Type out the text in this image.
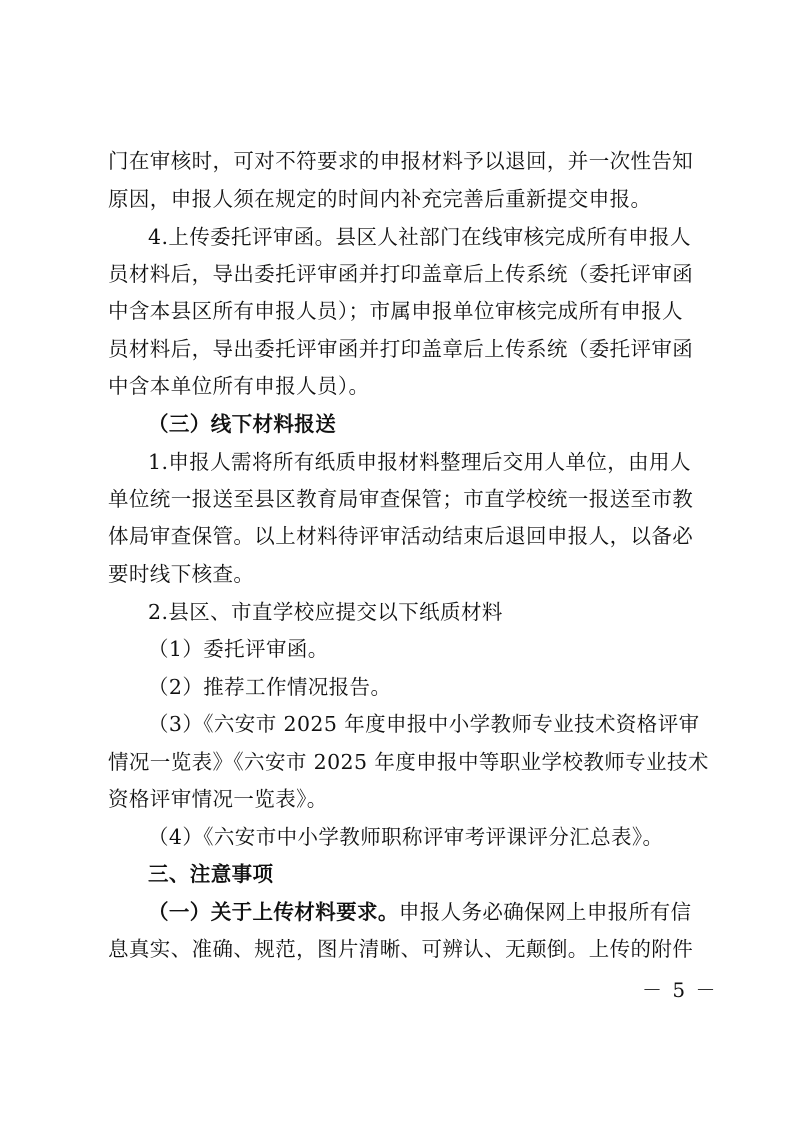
门在审核时，可对不符要求的申报材料予以退回，并一次性告知
原因，申报人须在规定的时间内补充完善后重新提交申报。
4.上传委托评审函。县区人社部门在线审核完成所有申报人
员材料后，导出委托评审函并打印盖章后上传系统（委托评审函
中含本县区所有申报人员）；市属申报单位审核完成所有申报人
员材料后，导出委托评审函并打印盖章后上传系统（委托评审函
中含本单位所有申报人员）。
（三）线下材料报送
1.申报人需将所有纸质申报材料整理后交用人单位，由用人
单位统一报送至县区教育局审查保管；市直学校统一报送至市教
体局审查保管。以上材料待评审活动结束后退回申报人，以备必
要时线下核查。
2.县区、市直学校应提交以下纸质材料
（1）委托评审函。
（2）推荐工作情况报告。
（3）《六安市 2025 年度申报中小学教师专业技术资格评审
情况一览表》《六安市 2025 年度申报中等职业学校教师专业技术
资格评审情况一览表》。
（4）《六安市中小学教师职称评审考评课评分汇总表》。
三、注意事项
（一）关于上传材料要求。申报人务必确保网上申报所有信
息真实、准确、规范，图片清晰、可辨认、无颠倒。上传的附件
－ 5 －
